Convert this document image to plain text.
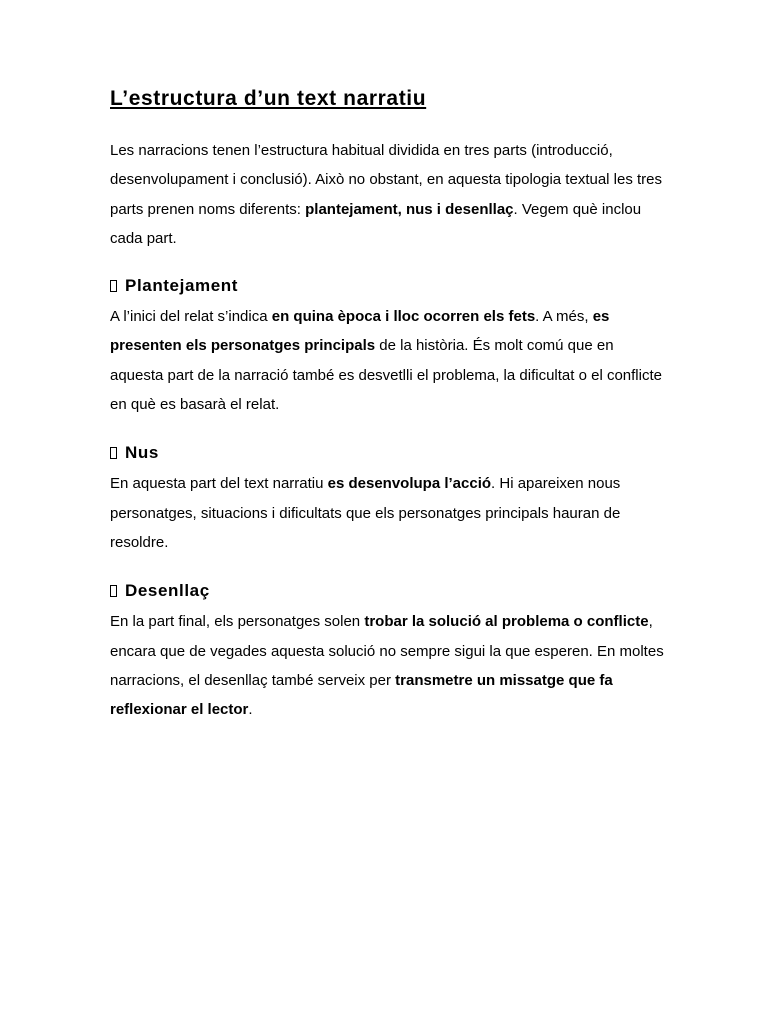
L’estructura d’un text narratiu

Les narracions tenen l’estructura habitual dividida en tres parts (introducció, desenvolupament i conclusió). Això no obstant, en aquesta tipologia textual les tres parts prenen noms diferents: plantejament, nus i desenllaç. Vegem què inclou cada part.

Plantejament

A l’inici del relat s’indica en quina època i lloc ocorren els fets. A més, es presenten els personatges principals de la història. És molt comú que en aquesta part de la narració també es desvetlli el problema, la dificultat o el conflicte en què es basarà el relat.

Nus

En aquesta part del text narratiu es desenvolupa l’acció. Hi apareixen nous personatges, situacions i dificultats que els personatges principals hauran de resoldre.

Desenllaç

En la part final, els personatges solen trobar la solució al problema o conflicte, encara que de vegades aquesta solució no sempre sigui la que esperen. En moltes narracions, el desenllaç també serveix per transmetre un missatge que fa reflexionar el lector.
